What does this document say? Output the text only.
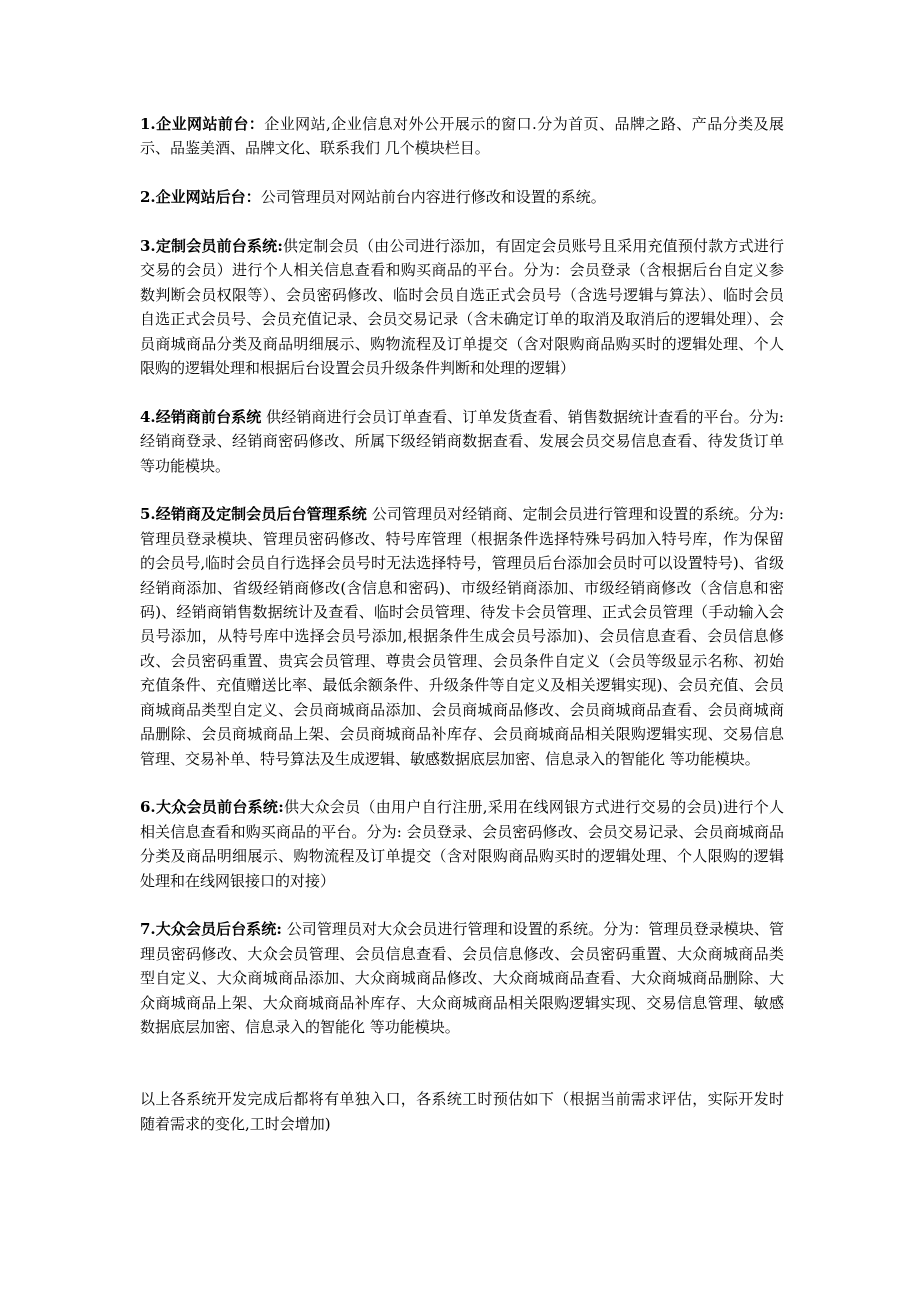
1.企业网站前台：企业网站,企业信息对外公开展示的窗口.分为首页、品牌之路、产品分类及展示、品鉴美酒、品牌文化、联系我们 几个模块栏目。

2.企业网站后台：公司管理员对网站前台内容进行修改和设置的系统。

3.定制会员前台系统:供定制会员（由公司进行添加，有固定会员账号且采用充值预付款方式进行交易的会员）进行个人相关信息查看和购买商品的平台。分为：会员登录（含根据后台自定义参数判断会员权限等）、会员密码修改、临时会员自选正式会员号（含选号逻辑与算法）、临时会员自选正式会员号、会员充值记录、会员交易记录（含未确定订单的取消及取消后的逻辑处理）、会员商城商品分类及商品明细展示、购物流程及订单提交（含对限购商品购买时的逻辑处理、个人限购的逻辑处理和根据后台设置会员升级条件判断和处理的逻辑）

4.经销商前台系统 供经销商进行会员订单查看、订单发货查看、销售数据统计查看的平台。分为:经销商登录、经销商密码修改、所属下级经销商数据查看、发展会员交易信息查看、待发货订单 等功能模块。

5.经销商及定制会员后台管理系统 公司管理员对经销商、定制会员进行管理和设置的系统。分为: 管理员登录模块、管理员密码修改、特号库管理（根据条件选择特殊号码加入特号库，作为保留的会员号,临时会员自行选择会员号时无法选择特号，管理员后台添加会员时可以设置特号)、省级经销商添加、省级经销商修改(含信息和密码)、市级经销商添加、市级经销商修改（含信息和密码)、经销商销售数据统计及查看、临时会员管理、待发卡会员管理、正式会员管理（手动输入会员号添加，从特号库中选择会员号添加,根据条件生成会员号添加)、会员信息查看、会员信息修改、会员密码重置、贵宾会员管理、尊贵会员管理、会员条件自定义（会员等级显示名称、初始充值条件、充值赠送比率、最低余额条件、升级条件等自定义及相关逻辑实现)、会员充值、会员商城商品类型自定义、会员商城商品添加、会员商城商品修改、会员商城商品查看、会员商城商品删除、会员商城商品上架、会员商城商品补库存、会员商城商品相关限购逻辑实现、交易信息管理、交易补单、特号算法及生成逻辑、敏感数据底层加密、信息录入的智能化 等功能模块。

6.大众会员前台系统:供大众会员（由用户自行注册,采用在线网银方式进行交易的会员)进行个人相关信息查看和购买商品的平台。分为: 会员登录、会员密码修改、会员交易记录、会员商城商品分类及商品明细展示、购物流程及订单提交（含对限购商品购买时的逻辑处理、个人限购的逻辑处理和在线网银接口的对接）

7.大众会员后台系统: 公司管理员对大众会员进行管理和设置的系统。分为：管理员登录模块、管理员密码修改、大众会员管理、会员信息查看、会员信息修改、会员密码重置、大众商城商品类型自定义、大众商城商品添加、大众商城商品修改、大众商城商品查看、大众商城商品删除、大众商城商品上架、大众商城商品补库存、大众商城商品相关限购逻辑实现、交易信息管理、敏感数据底层加密、信息录入的智能化 等功能模块。

以上各系统开发完成后都将有单独入口，各系统工时预估如下（根据当前需求评估，实际开发时随着需求的变化,工时会增加)
